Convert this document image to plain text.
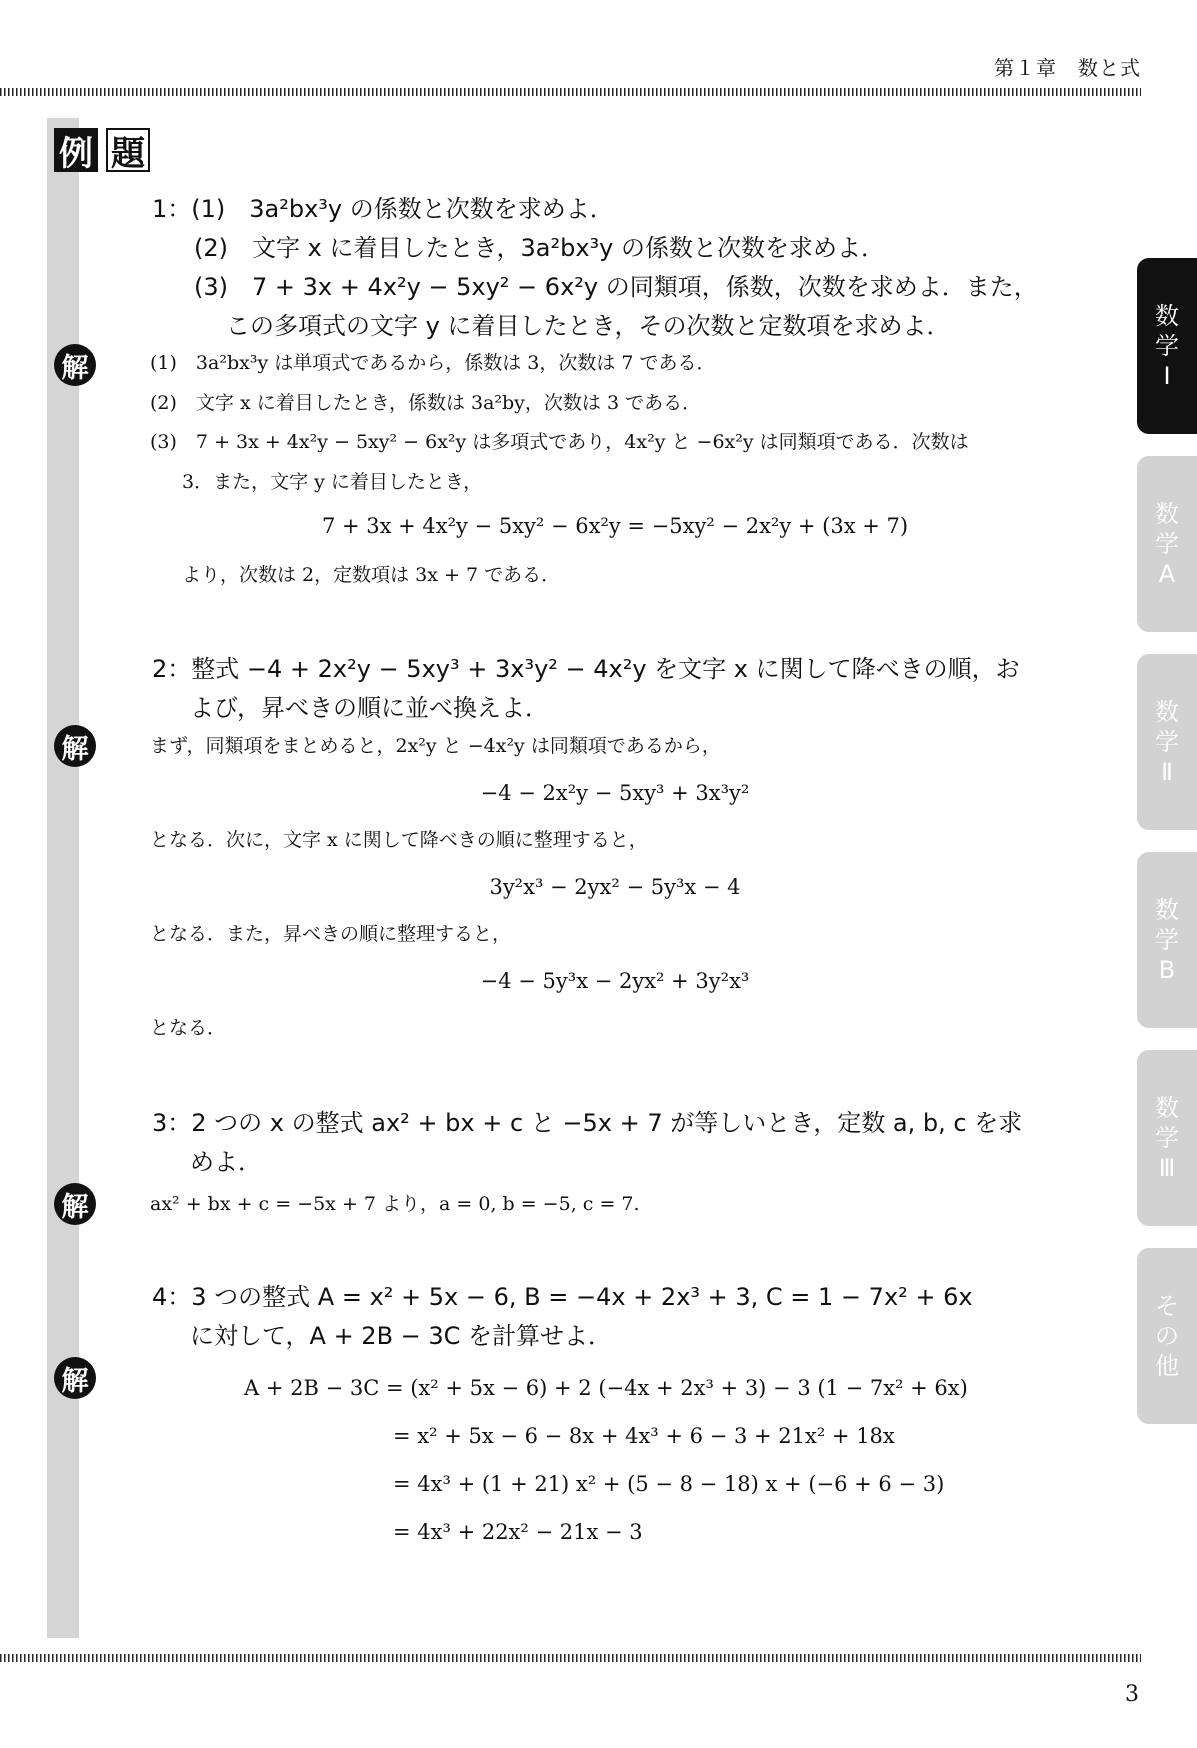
第１章　数と式
例 題
1：(1)　3a²bx³y の係数と次数を求めよ．
(2)　文字 x に着目したとき，3a²bx³y の係数と次数を求めよ．
(3)　7 + 3x + 4x²y − 5xy² − 6x²y の同類項，係数，次数を求めよ．また，
この多項式の文字 y に着目したとき，その次数と定数項を求めよ．
解	(1)　3a²bx³y は単項式であるから，係数は 3，次数は 7 である．
(2)　文字 x に着目したとき，係数は 3a²by，次数は 3 である．
(3)　7 + 3x + 4x²y − 5xy² − 6x²y は多項式であり，4x²y と −6x²y は同類項である．次数は
3．また，文字 y に着目したとき，
7 + 3x + 4x²y − 5xy² − 6x²y = −5xy² − 2x²y + (3x + 7)
より，次数は 2，定数項は 3x + 7 である．
2：整式 −4 + 2x²y − 5xy³ + 3x³y² − 4x²y を文字 x に関して降べきの順，お
よび，昇べきの順に並べ換えよ．
解	まず，同類項をまとめると，2x²y と −4x²y は同類項であるから，
−4 − 2x²y − 5xy³ + 3x³y²
となる．次に，文字 x に関して降べきの順に整理すると，
3y²x³ − 2yx² − 5y³x − 4
となる．また，昇べきの順に整理すると，
−4 − 5y³x − 2yx² + 3y²x³
となる．
3：2 つの x の整式 ax² + bx + c と −5x + 7 が等しいとき，定数 a, b, c を求
めよ．
解	ax² + bx + c = −5x + 7 より，a = 0, b = −5, c = 7.
4：3 つの整式 A = x² + 5x − 6, B = −4x + 2x³ + 3, C = 1 − 7x² + 6x
に対して，A + 2B − 3C を計算せよ．
解	A + 2B − 3C = (x² + 5x − 6) + 2 (−4x + 2x³ + 3) − 3 (1 − 7x² + 6x)
= x² + 5x − 6 − 8x + 4x³ + 6 − 3 + 21x² + 18x
= 4x³ + (1 + 21) x² + (5 − 8 − 18) x + (−6 + 6 − 3)
= 4x³ + 22x² − 21x − 3
3
数
学
Ⅰ
数
学
A
数
学
Ⅱ
数
学
B
数
学
Ⅲ
そ
の
他
